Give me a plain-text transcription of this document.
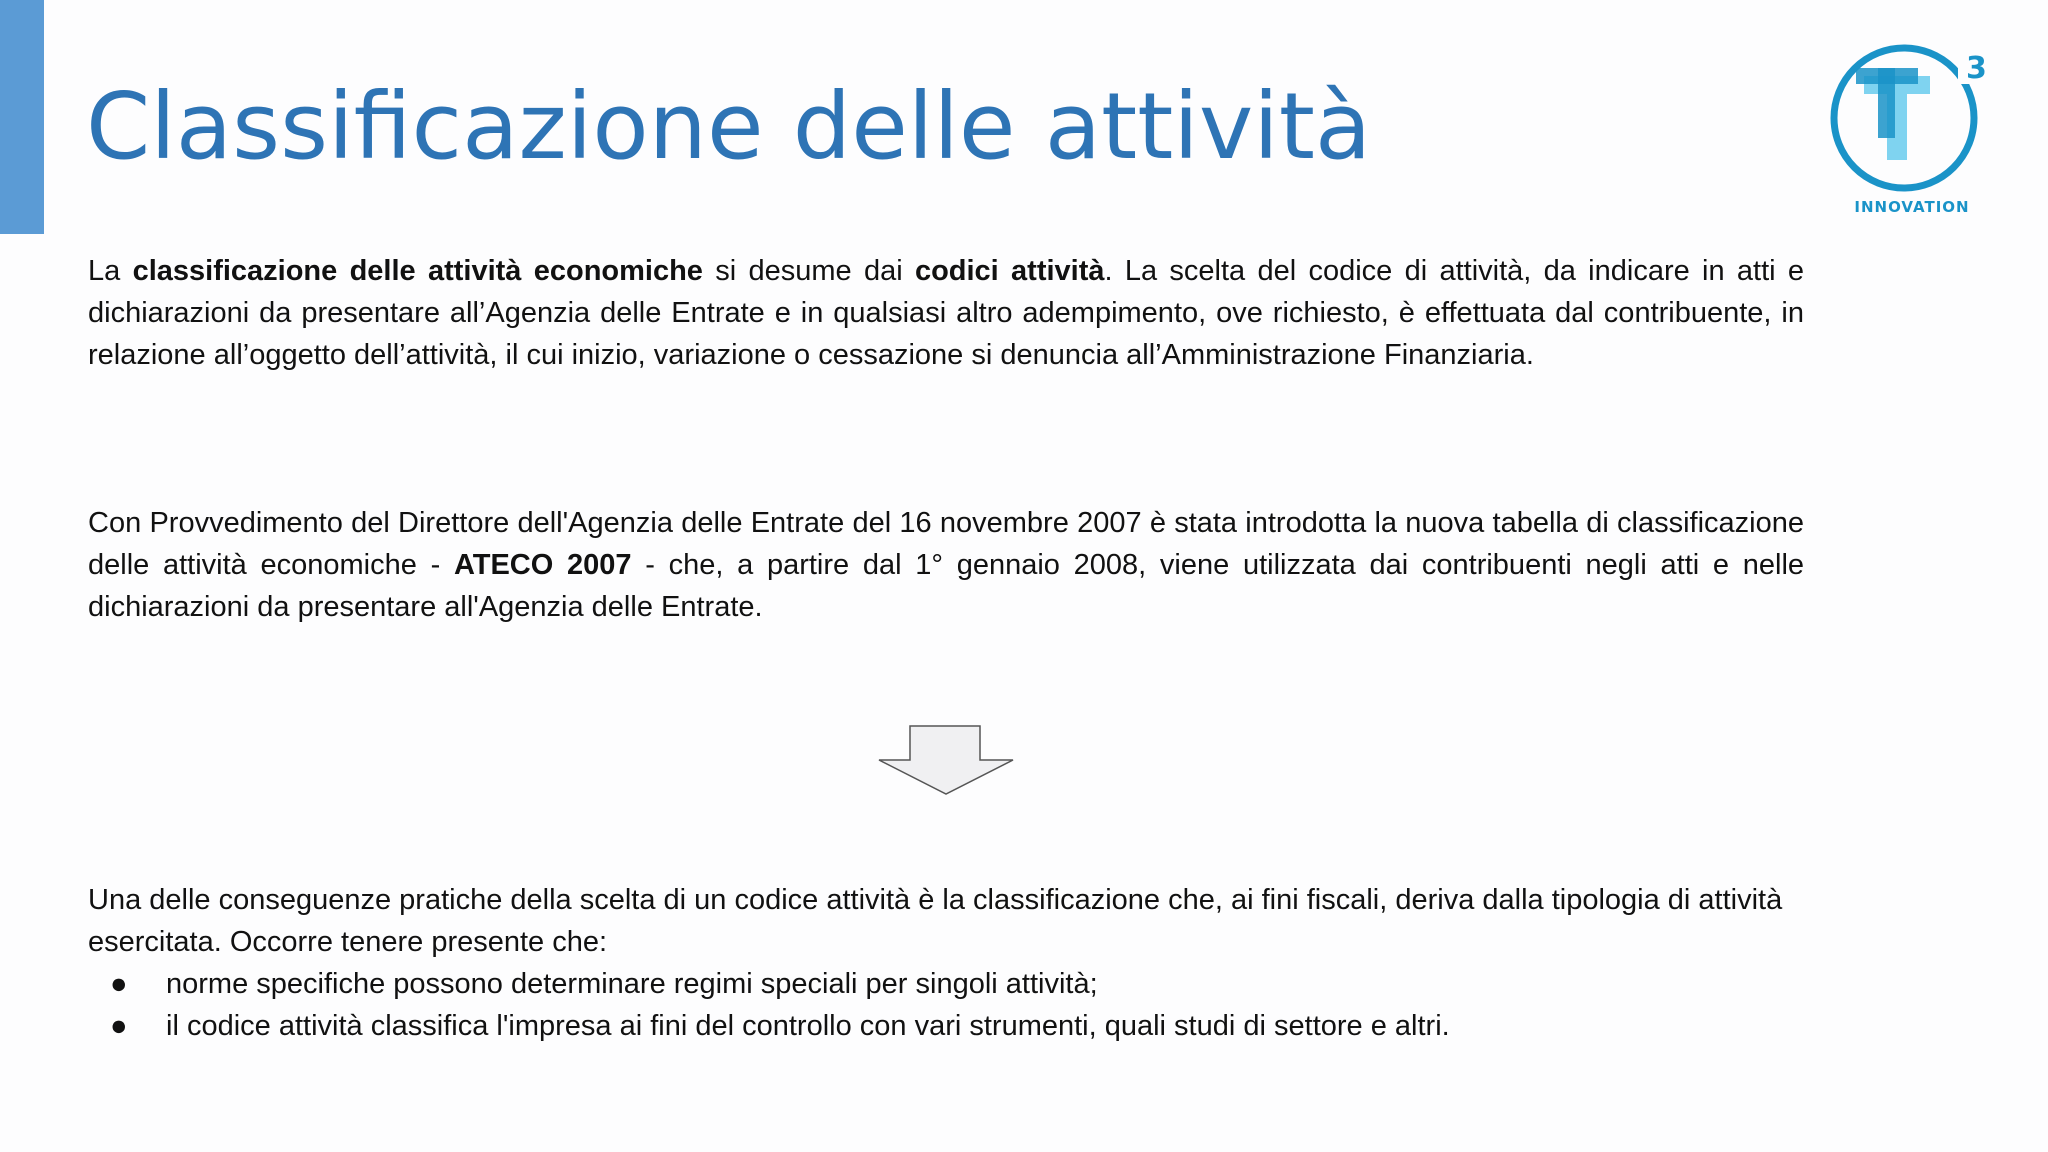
Classificazione delle attività
3
INNOVATION

La classificazione delle attività economiche si desume dai codici attività. La scelta del codice di attività, da indicare in atti e dichiarazioni da presentare all’Agenzia delle Entrate e in qualsiasi altro adempimento, ove richiesto, è effettuata dal contribuente, in relazione all’oggetto dell’attività, il cui inizio, variazione o cessazione si denuncia all’Amministrazione Finanziaria.

Con Provvedimento del Direttore dell'Agenzia delle Entrate del 16 novembre 2007 è stata introdotta la nuova tabella di classificazione delle attività economiche - ATECO 2007 - che, a partire dal 1° gennaio 2008, viene utilizzata dai contribuenti negli atti e nelle dichiarazioni da presentare all'Agenzia delle Entrate.

Una delle conseguenze pratiche della scelta di un codice attività è la classificazione che, ai fini fiscali, deriva dalla tipologia di attività esercitata. Occorre tenere presente che:

● norme specifiche possono determinare regimi speciali per singoli attività;
● il codice attività classifica l'impresa ai fini del controllo con vari strumenti, quali studi di settore e altri.
